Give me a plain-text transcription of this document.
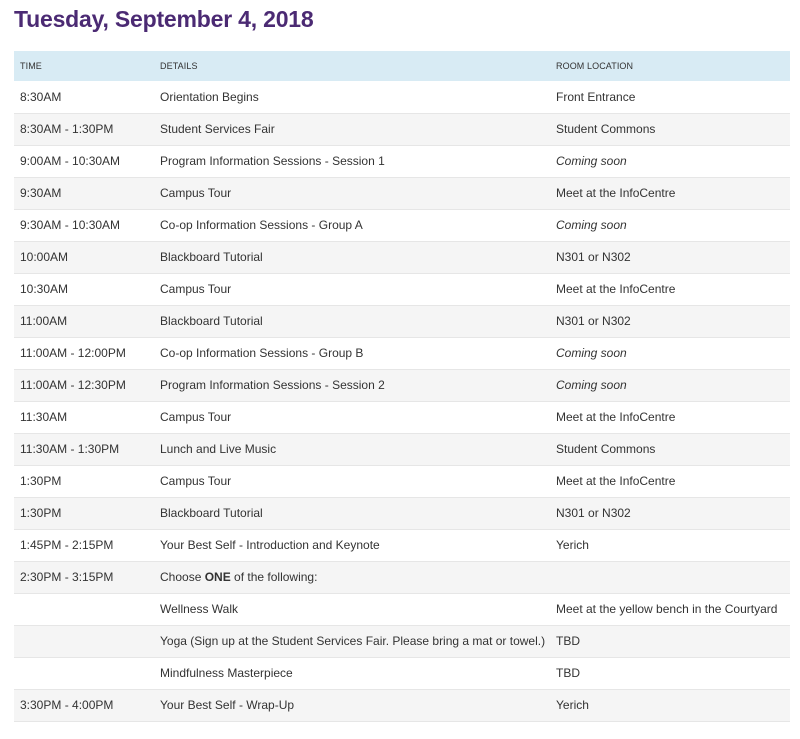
Tuesday, September 4, 2018
TIME	DETAILS	ROOM LOCATION
8:30AM	Orientation Begins	Front Entrance
8:30AM - 1:30PM	Student Services Fair	Student Commons
9:00AM - 10:30AM	Program Information Sessions - Session 1	Coming soon
9:30AM	Campus Tour	Meet at the InfoCentre
9:30AM - 10:30AM	Co-op Information Sessions - Group A	Coming soon
10:00AM	Blackboard Tutorial	N301 or N302
10:30AM	Campus Tour	Meet at the InfoCentre
11:00AM	Blackboard Tutorial	N301 or N302
11:00AM - 12:00PM	Co-op Information Sessions - Group B	Coming soon
11:00AM - 12:30PM	Program Information Sessions - Session 2	Coming soon
11:30AM	Campus Tour	Meet at the InfoCentre
11:30AM - 1:30PM	Lunch and Live Music	Student Commons
1:30PM	Campus Tour	Meet at the InfoCentre
1:30PM	Blackboard Tutorial	N301 or N302
1:45PM - 2:15PM	Your Best Self - Introduction and Keynote	Yerich
2:30PM - 3:15PM	Choose ONE of the following:	
	Wellness Walk	Meet at the yellow bench in the Courtyard
	Yoga (Sign up at the Student Services Fair. Please bring a mat or towel.)	TBD
	Mindfulness Masterpiece	TBD
3:30PM - 4:00PM	Your Best Self - Wrap-Up	Yerich
